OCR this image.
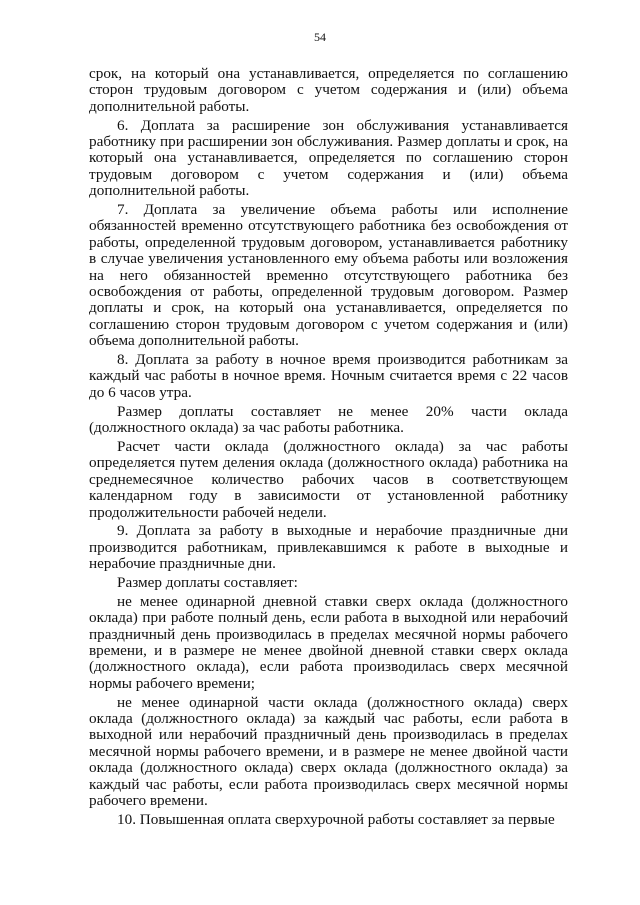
54

срок, на который она устанавливается, определяется по соглашению сторон трудовым договором с учетом содержания и (или) объема дополнительной работы.

6. Доплата за расширение зон обслуживания устанавливается работнику при расширении зон обслуживания. Размер доплаты и срок, на который она устанавливается, определяется по соглашению сторон трудовым договором с учетом содержания и (или) объема дополнительной работы.

7. Доплата за увеличение объема работы или исполнение обязанностей временно отсутствующего работника без освобождения от работы, определенной трудовым договором, устанавливается работнику в случае увеличения установленного ему объема работы или возложения на него обязанностей временно отсутствующего работника без освобождения от работы, определенной трудовым договором. Размер доплаты и срок, на который она устанавливается, определяется по соглашению сторон трудовым договором с учетом содержания и (или) объема дополнительной работы.

8. Доплата за работу в ночное время производится работникам за каждый час работы в ночное время. Ночным считается время с 22 часов до 6 часов утра.

Размер доплаты составляет не менее 20% части оклада (должностного оклада) за час работы работника.

Расчет части оклада (должностного оклада) за час работы определяется путем деления оклада (должностного оклада) работника на среднемесячное количество рабочих часов в соответствующем календарном году в зависимости от установленной работнику продолжительности рабочей недели.

9. Доплата за работу в выходные и нерабочие праздничные дни производится работникам, привлекавшимся к работе в выходные и нерабочие праздничные дни.

Размер доплаты составляет:

не менее одинарной дневной ставки сверх оклада (должностного оклада) при работе полный день, если работа в выходной или нерабочий праздничный день производилась в пределах месячной нормы рабочего времени, и в размере не менее двойной дневной ставки сверх оклада (должностного оклада), если работа производилась сверх месячной нормы рабочего времени;

не менее одинарной части оклада (должностного оклада) сверх оклада (должностного оклада) за каждый час работы, если работа в выходной или нерабочий праздничный день производилась в пределах месячной нормы рабочего времени, и в размере не менее двойной части оклада (должностного оклада) сверх оклада (должностного оклада) за каждый час работы, если работа производилась сверх месячной нормы рабочего времени.

10. Повышенная оплата сверхурочной работы составляет за первые
